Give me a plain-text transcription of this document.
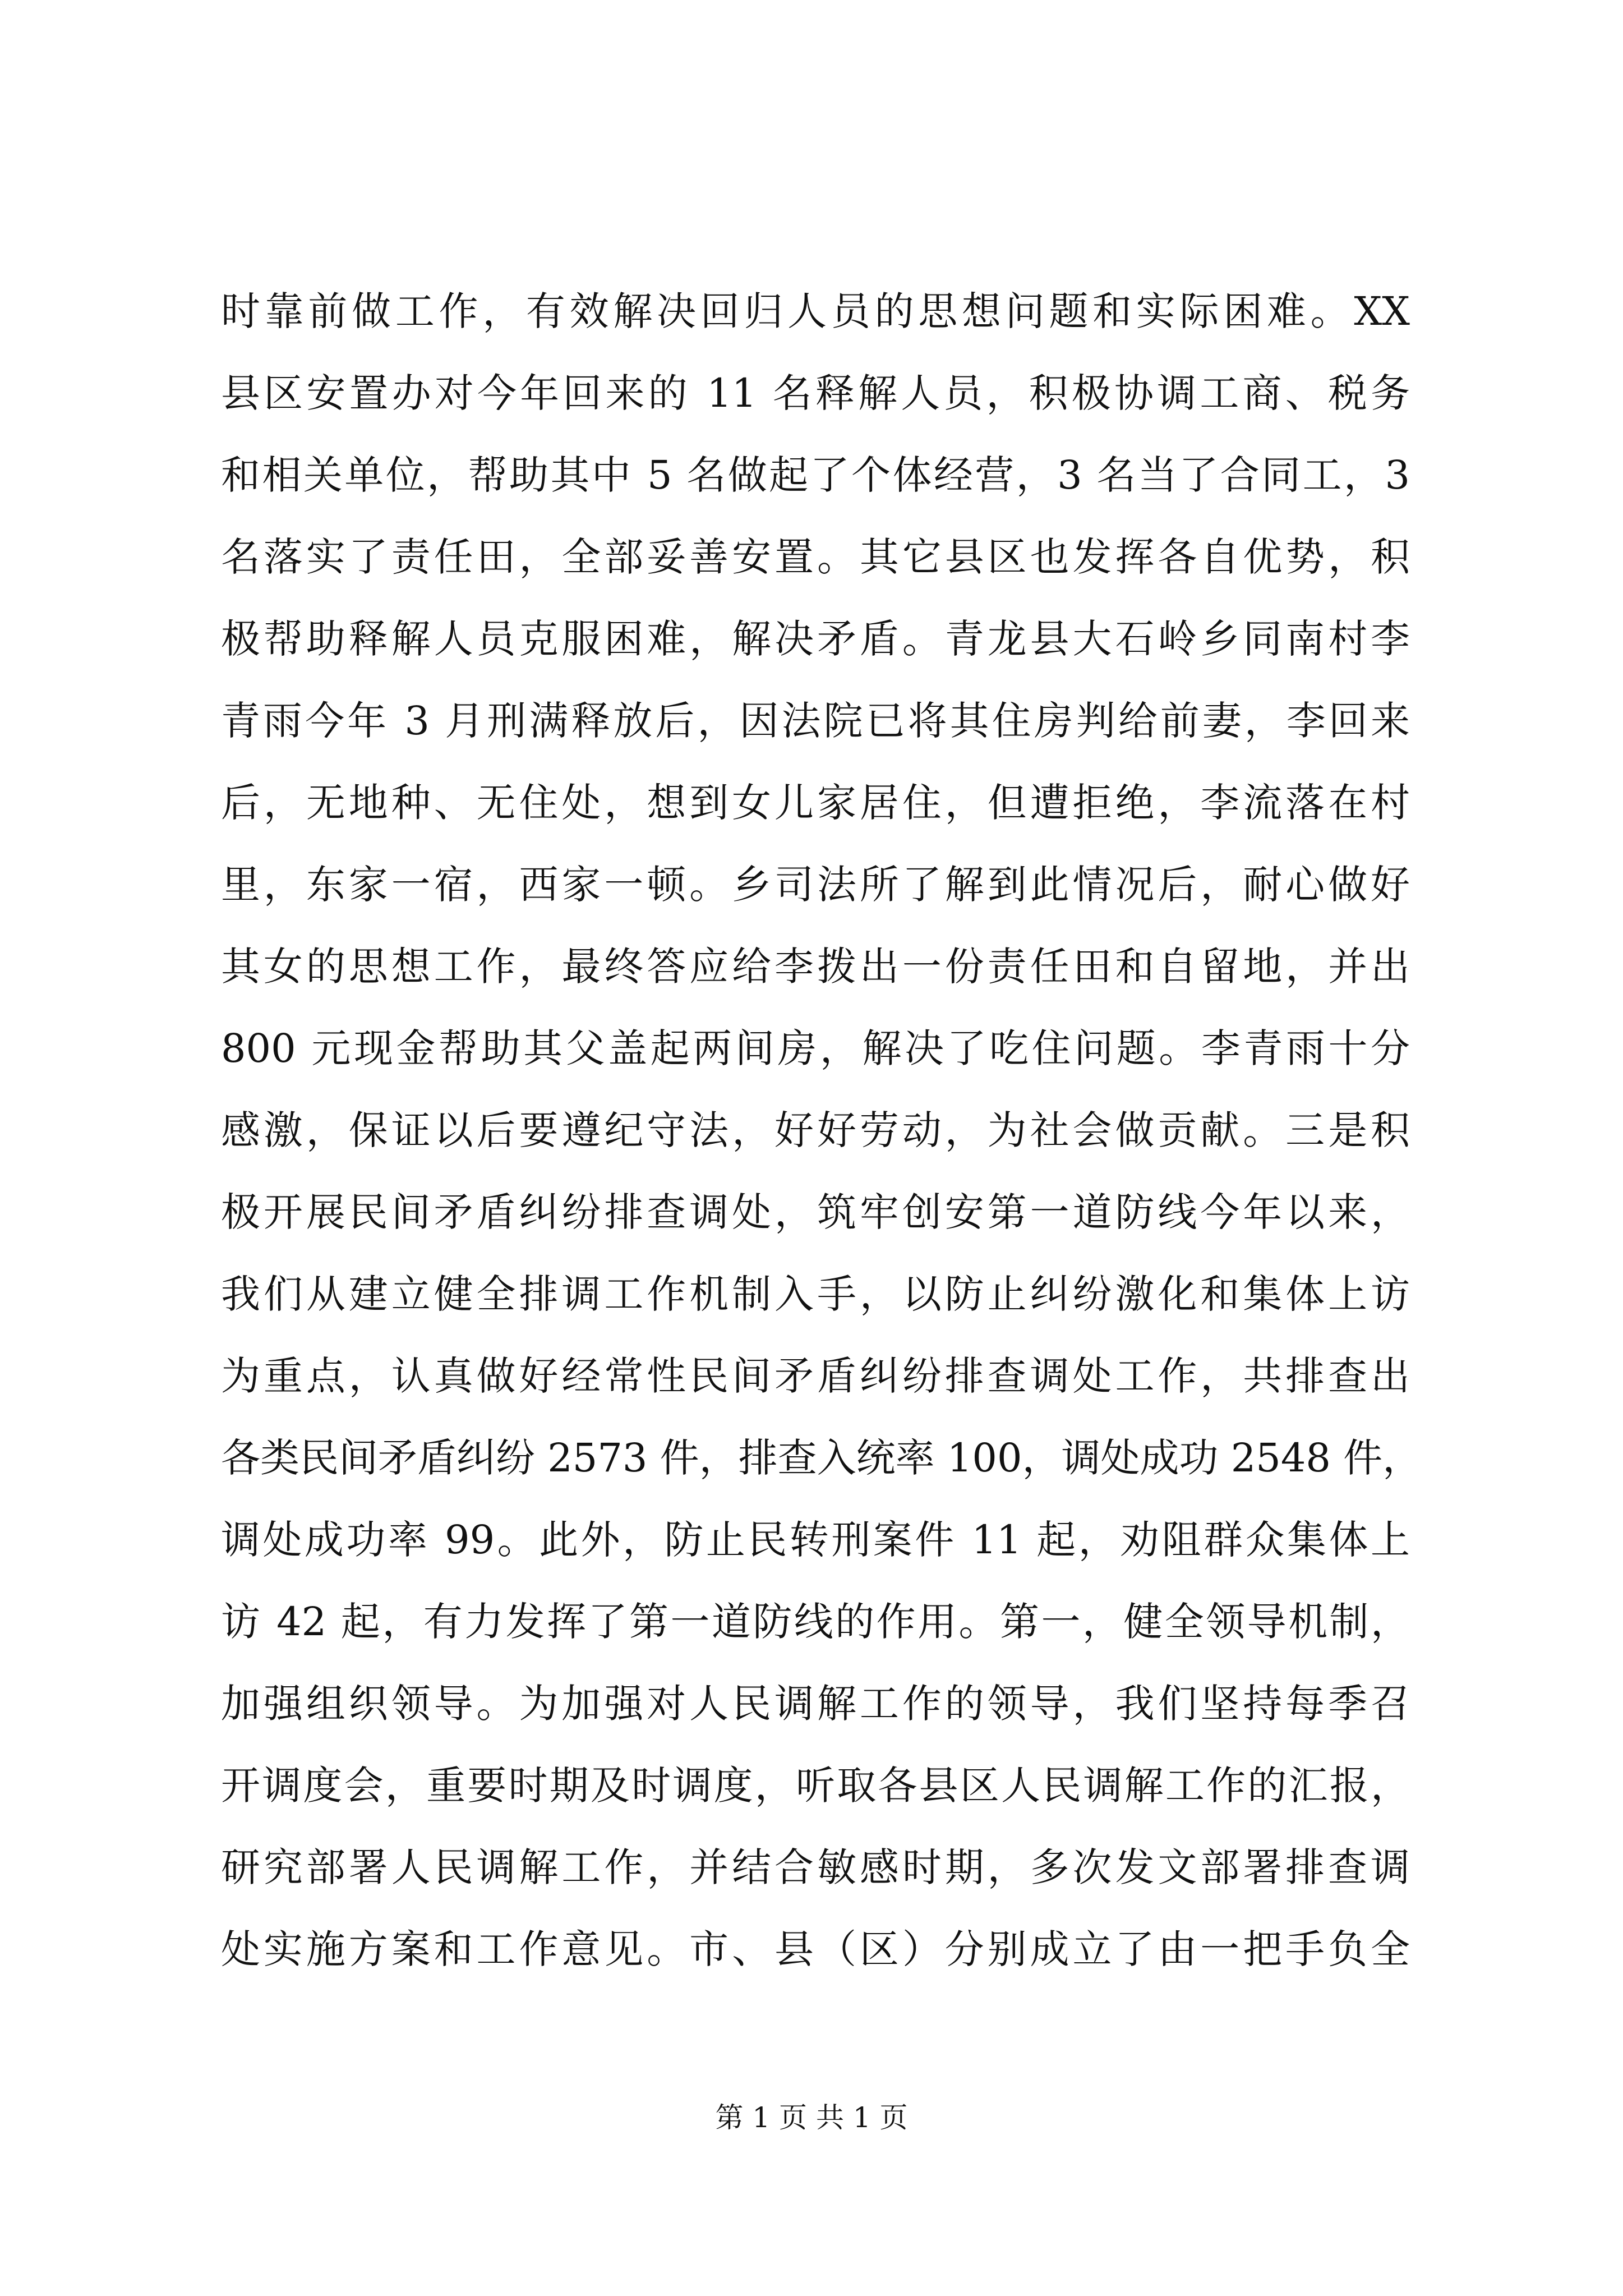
时靠前做工作，有效解决回归人员的思想问题和实际困难。XX
县区安置办对今年回来的 11 名释解人员，积极协调工商、税务
和相关单位，帮助其中 5 名做起了个体经营，3 名当了合同工，3
名落实了责任田，全部妥善安置。其它县区也发挥各自优势，积
极帮助释解人员克服困难，解决矛盾。青龙县大石岭乡同南村李
青雨今年 3 月刑满释放后，因法院已将其住房判给前妻，李回来
后，无地种、无住处，想到女儿家居住，但遭拒绝，李流落在村
里，东家一宿，西家一顿。乡司法所了解到此情况后，耐心做好
其女的思想工作，最终答应给李拨出一份责任田和自留地，并出
800 元现金帮助其父盖起两间房，解决了吃住问题。李青雨十分
感激，保证以后要遵纪守法，好好劳动，为社会做贡献。三是积
极开展民间矛盾纠纷排查调处，筑牢创安第一道防线今年以来，
我们从建立健全排调工作机制入手，以防止纠纷激化和集体上访
为重点，认真做好经常性民间矛盾纠纷排查调处工作，共排查出
各类民间矛盾纠纷 2573 件，排查入统率 100，调处成功 2548 件，
调处成功率 99。此外，防止民转刑案件 11 起，劝阻群众集体上
访 42 起，有力发挥了第一道防线的作用。第一，健全领导机制，
加强组织领导。为加强对人民调解工作的领导，我们坚持每季召
开调度会，重要时期及时调度，听取各县区人民调解工作的汇报，
研究部署人民调解工作，并结合敏感时期，多次发文部署排查调
处实施方案和工作意见。市、县（区）分别成立了由一把手负全
第 1 页 共 1 页
